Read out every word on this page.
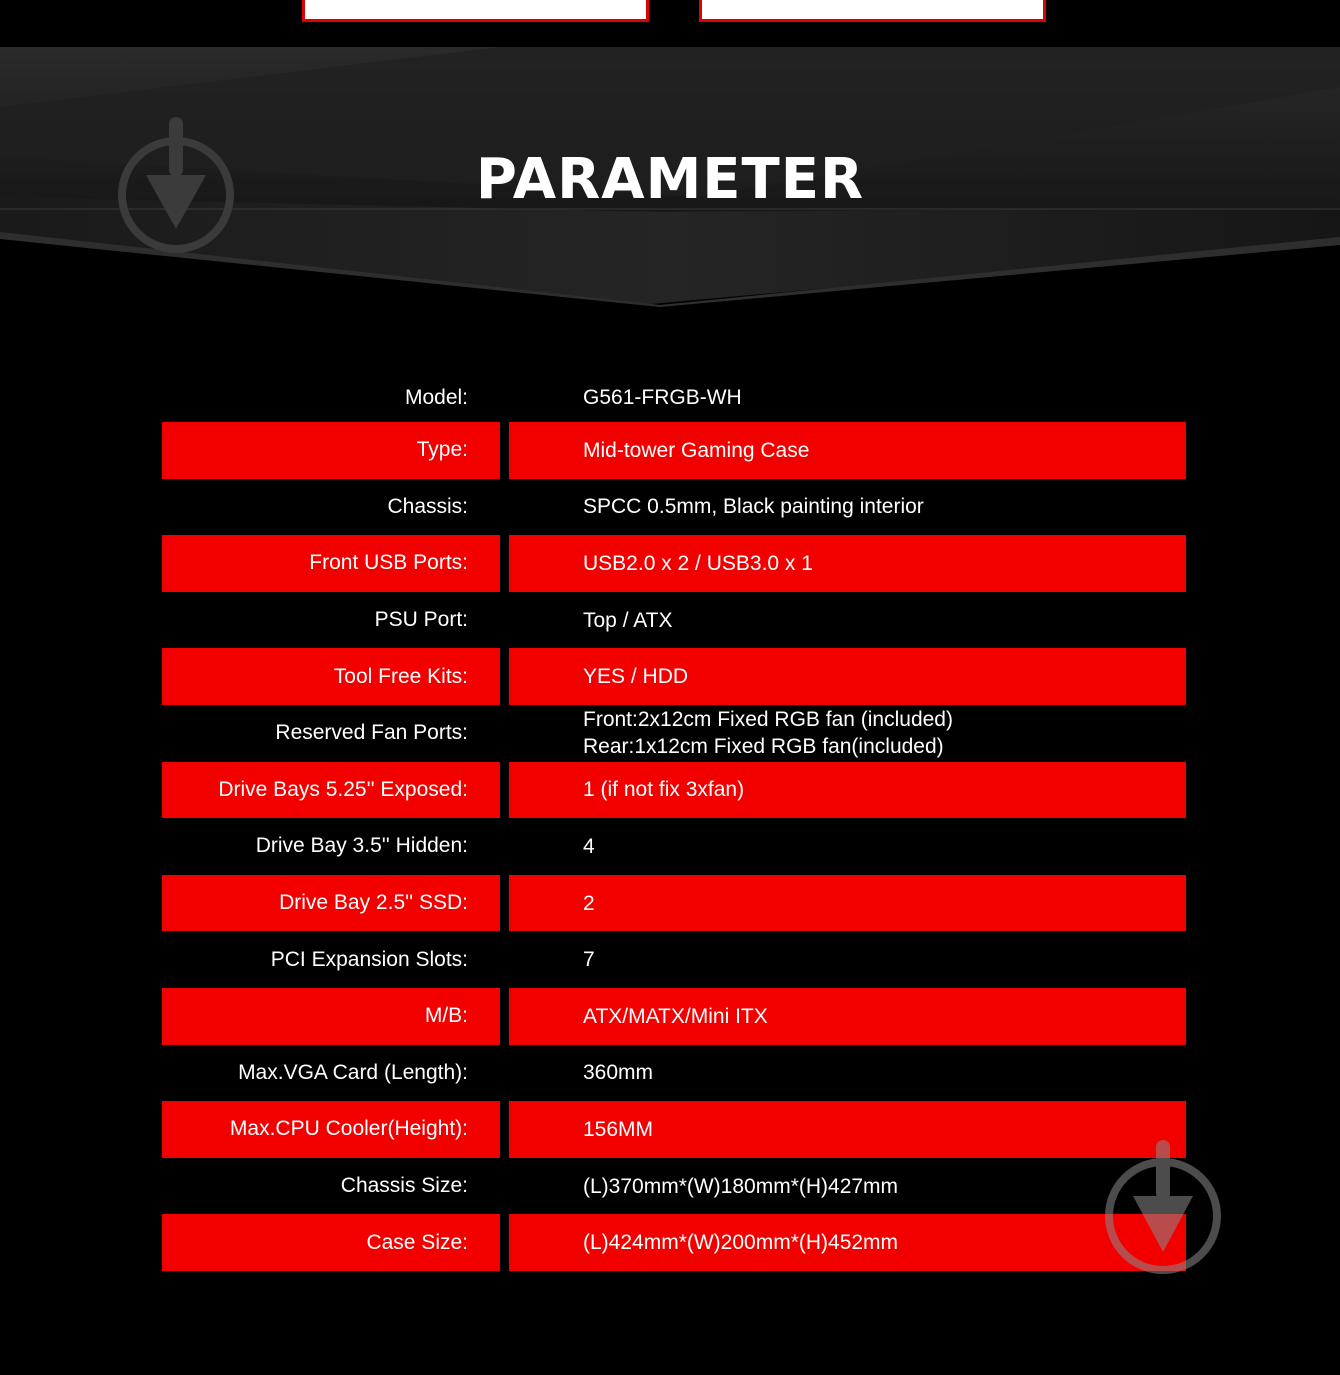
PARAMETER
Model:	G561-FRGB-WH
Type:	Mid-tower Gaming Case
Chassis:	SPCC 0.5mm, Black painting interior
Front USB Ports:	USB2.0 x 2 / USB3.0 x 1
PSU Port:	Top / ATX
Tool Free Kits:	YES / HDD
Reserved Fan Ports:
Front:2x12cm Fixed RGB fan (included)
Rear:1x12cm Fixed RGB fan(included)
Drive Bays 5.25'' Exposed:	1 (if not fix 3xfan)
Drive Bay 3.5'' Hidden:	4
Drive Bay 2.5'' SSD:	2
PCI Expansion Slots:	7
M/B:	ATX/MATX/Mini ITX
Max.VGA Card (Length):	360mm
Max.CPU Cooler(Height):	156MM
Chassis Size:	(L)370mm*(W)180mm*(H)427mm
Case Size:	(L)424mm*(W)200mm*(H)452mm
